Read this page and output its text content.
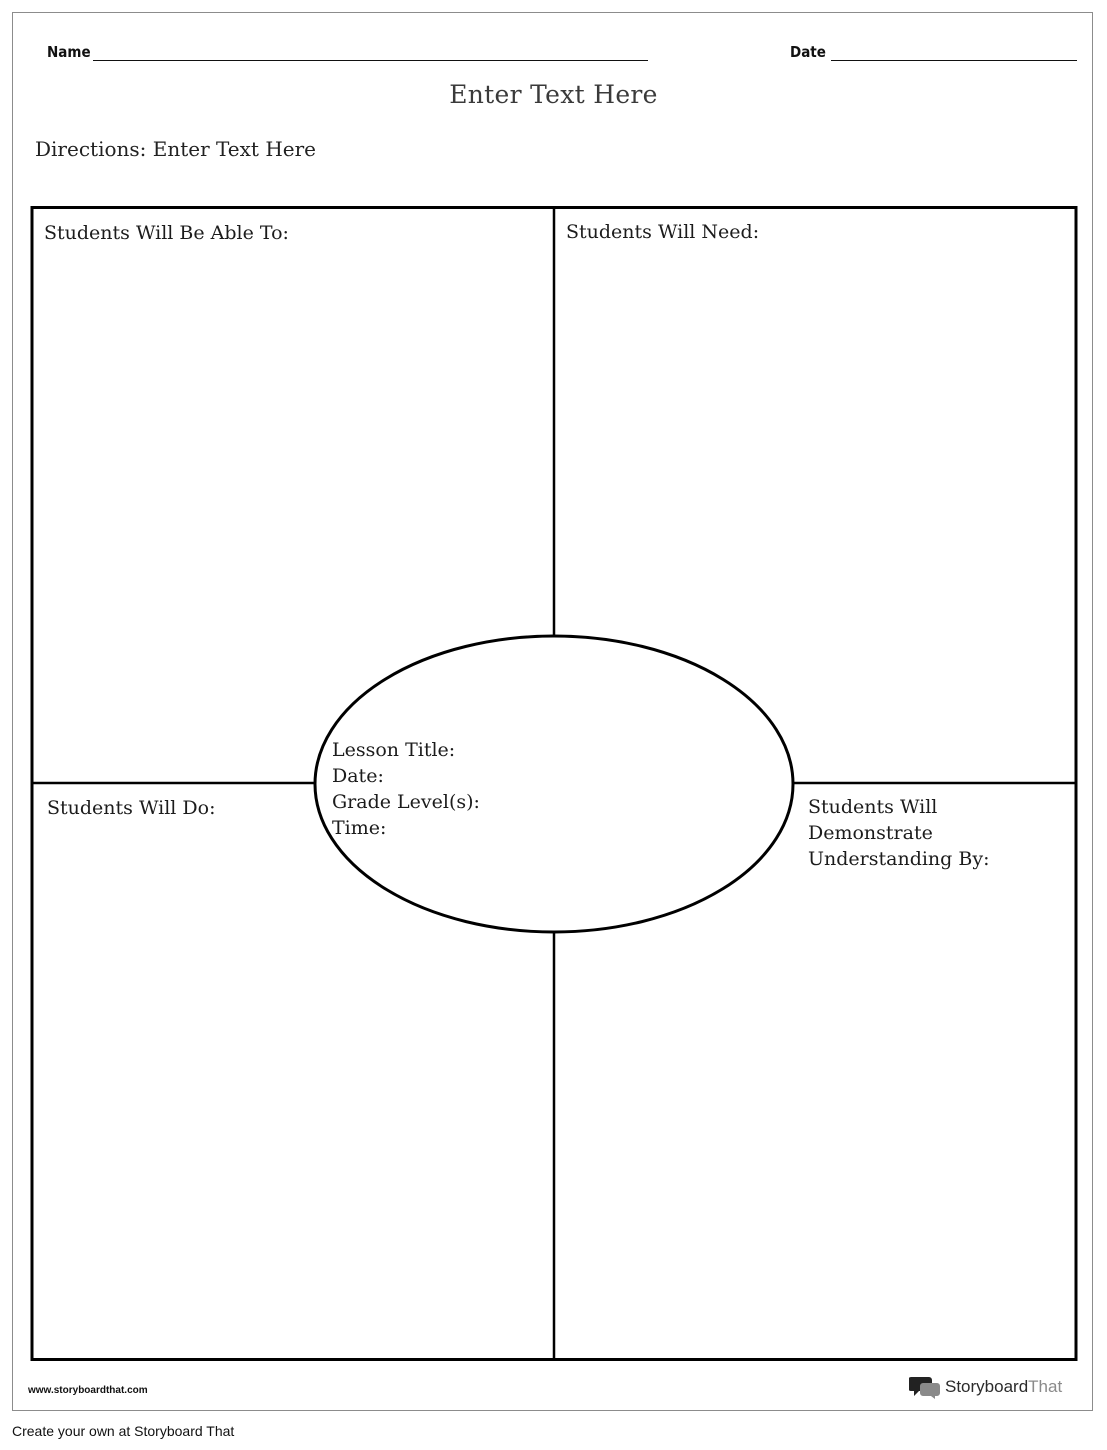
Name	Date
Enter Text Here
Directions: Enter Text Here
Students Will Be Able To:	Students Will Need:
Students Will Do:	Students Will
Demonstrate
Understanding By:
Lesson Title:
Date:
Grade Level(s):
Time:
www.storyboardthat.com	StoryboardThat
Create your own at Storyboard That
